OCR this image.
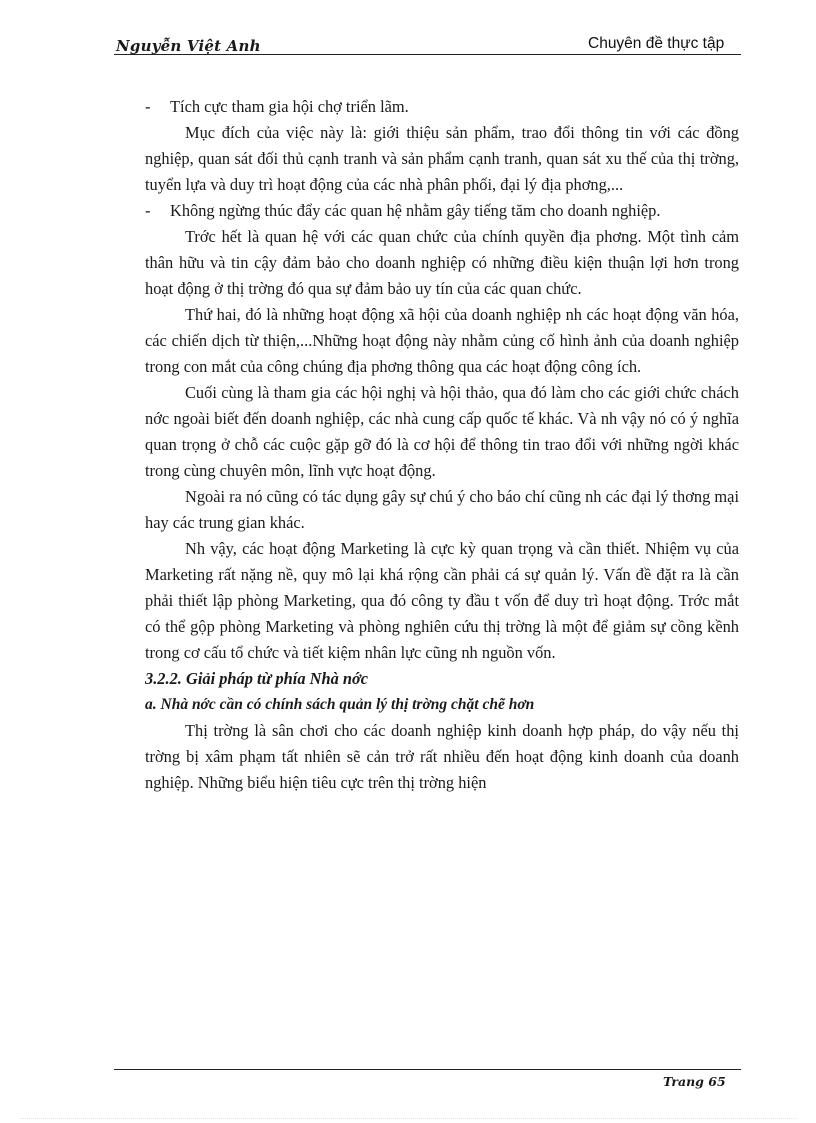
Nguyễn Việt Anh	Chuyên đề thực tập
-	Tích cực tham gia hội chợ triển lãm.

Mục đích của việc này là: giới thiệu sản phẩm, trao đổi thông tin với các đồng nghiệp, quan sát đối thủ cạnh tranh và sản phẩm cạnh tranh, quan sát xu thế của thị trờng, tuyển lựa và duy trì hoạt động của các nhà phân phối, đại lý địa phơng,...

-	Không ngừng thúc đẩy các quan hệ nhằm gây tiếng tăm cho doanh nghiệp.

Trớc hết là quan hệ với các quan chức của chính quyền địa phơng. Một tình cảm thân hữu và tin cậy đảm bảo cho doanh nghiệp có những điều kiện thuận lợi hơn trong hoạt động ở thị trờng đó qua sự đảm bảo uy tín của các quan chức.

Thứ hai, đó là những hoạt động xã hội của doanh nghiệp nh các hoạt động văn hóa, các chiến dịch từ thiện,...Những hoạt động này nhằm củng cố hình ảnh của doanh nghiệp trong con mắt của công chúng địa phơng thông qua các hoạt động công ích.

Cuối cùng là tham gia các hội nghị và hội thảo, qua đó làm cho các giới chức chách nớc ngoài biết đến doanh nghiệp, các nhà cung cấp quốc tế khác. Và nh vậy nó có ý nghĩa quan trọng ở chỗ các cuộc gặp gỡ đó là cơ hội để thông tin trao đổi với những ngời khác trong cùng chuyên môn, lĩnh vực hoạt động.

Ngoài ra nó cũng có tác dụng gây sự chú ý cho báo chí cũng nh các đại lý thơng mại hay các trung gian khác.

Nh vậy, các hoạt động Marketing là cực kỳ quan trọng và cần thiết. Nhiệm vụ của Marketing rất nặng nề, quy mô lại khá rộng cần phải cá sự quản lý. Vấn đề đặt ra là cần phải thiết lập phòng Marketing, qua đó công ty đầu t vốn để duy trì hoạt động. Trớc mắt có thể gộp phòng Marketing và phòng nghiên cứu thị trờng là một để giảm sự cồng kềnh trong cơ cấu tổ chức và tiết kiệm nhân lực cũng nh nguồn vốn.

3.2.2. Giải pháp từ phía Nhà nớc

a. Nhà nớc cần có chính sách quản lý thị trờng chặt chẽ hơn

Thị trờng là sân chơi cho các doanh nghiệp kinh doanh hợp pháp, do vậy nếu thị trờng bị xâm phạm tất nhiên sẽ cản trở rất nhiều đến hoạt động kinh doanh của doanh nghiệp. Những biểu hiện tiêu cực trên thị trờng hiện

Trang 65
